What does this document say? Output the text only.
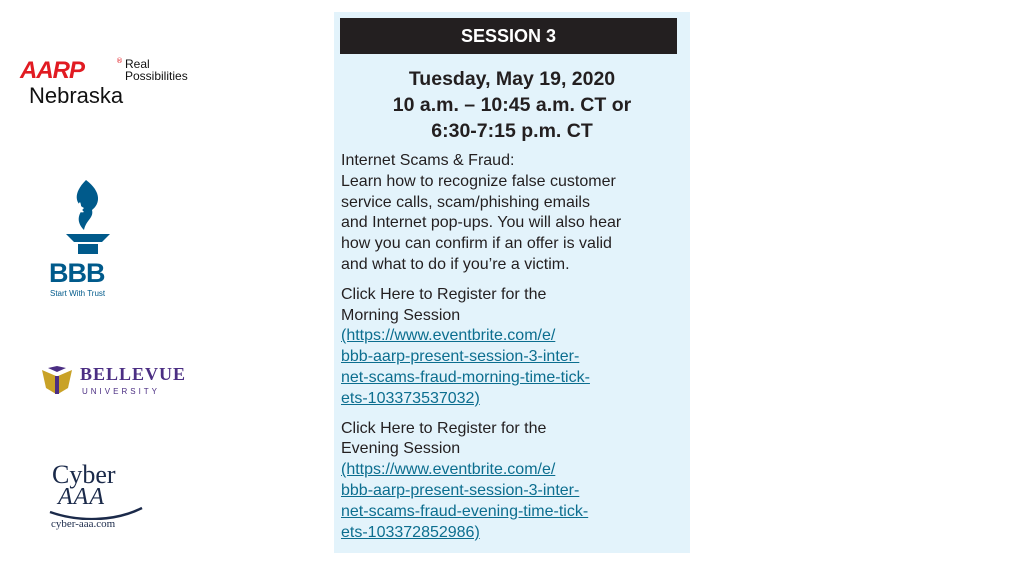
AARP	® Real
Possibilities
Nebraska
BBB
Start With Trust
BELLEVUE
UNIVERSITY
Cyber
AAA
cyber-aaa.com
SESSION 3
Tuesday, May 19, 2020
10 a.m. – 10:45 a.m. CT or
6:30-7:15 p.m. CT
Internet Scams & Fraud:
Learn how to recognize false customer
service calls, scam/phishing emails
and Internet pop-ups. You will also hear
how you can confirm if an offer is valid
and what to do if you’re a victim.
Click Here to Register for the
Morning Session
(https://www.eventbrite.com/e/
bbb-aarp-present-session-3-inter-
net-scams-fraud-morning-time-tick-
ets-103373537032)
Click Here to Register for the
Evening Session
(https://www.eventbrite.com/e/
bbb-aarp-present-session-3-inter-
net-scams-fraud-evening-time-tick-
ets-103372852986)
